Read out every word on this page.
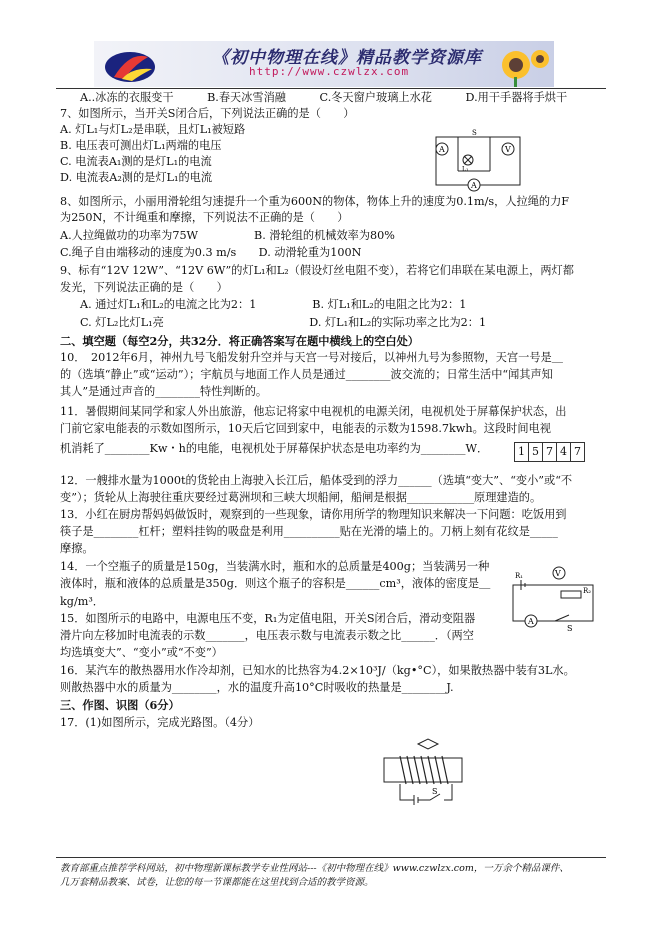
《初中物理在线》精品教学资源库
http://www.czwlzx.com
A..冰冻的衣服变干　　　B.春天冰雪消融　　　C.冬天窗户玻璃上水花　　　D.用干手器将手烘干
7、如图所示，当开关S闭合后，下列说法正确的是（　　）
A. 灯L₁与灯L₂是串联，且灯L₁被短路
B. 电压表可测出灯L₁两端的电压
C. 电流表A₁测的是灯L₁的电流
D. 电流表A₂测的是灯L₁的电流
A	V
A
S
L₁
8、如图所示，小丽用滑轮组匀速提升一个重为600N的物体，物体上升的速度为0.1m/s，人拉绳的力F
为250N，不计绳重和摩擦，下列说法不正确的是（　　）
A.人拉绳做功的功率为75W　　　　　B. 滑轮组的机械效率为80%
C.绳子自由端移动的速度为0.3 m/s　　D. 动滑轮重为100N
9、标有“12V 12W”、“12V 6W”的灯L₁和L₂（假设灯丝电阻不变），若将它们串联在某电源上，两灯都
发光，下列说法正确的是（　　）
A. 通过灯L₁和L₂的电流之比为2：1　　　　　B. 灯L₁和L₂的电阻之比为2：1
C. 灯L₂比灯L₁亮　　　　　　　　　　　　　D. 灯L₁和L₂的实际功率之比为2：1
二、填空题（每空2分，共32分．将正确答案写在题中横线上的空白处）
10．　2012年6月，神州九号飞船发射升空并与天宫一号对接后，以神州九号为参照物，天宫一号是＿
的（选填“静止”或“运动”）；宇航员与地面工作人员是通过________波交流的；日常生活中“闻其声知
其人”是通过声音的________特性判断的。
11．暑假期间某同学和家人外出旅游，他忘记将家中电视机的电源关闭，电视机处于屏幕保护状态，出
门前它家电能表的示数如图所示，10天后它回到家中，电能表的示数为1598.7kwh。这段时间电视
机消耗了________Kw・h的电能，电视机处于屏幕保护状态是电功率约为________W．	1 5 7 4 7
12．一艘排水量为1000t的货轮由上海驶入长江后，船体受到的浮力______（选填“变大”、“变小”或“不
变”）；货轮从上海驶往重庆要经过葛洲坝和三峡大坝船闸，船闸是根据____________原理建造的。
13．小红在厨房帮妈妈做饭时，观察到的一些现象，请你用所学的物理知识来解决一下问题：吃饭用到
筷子是________杠杆；塑料挂钩的吸盘是利用__________贴在光滑的墙上的。刀柄上刻有花纹是_____
摩擦。
14．一个空瓶子的质量是150g，当装满水时，瓶和水的总质量是400g；当装满另一种
液体时，瓶和液体的总质量是350g．则这个瓶子的容积是______cm³，液体的密度是＿
kg/m³．
V
A
R₁
R₂
S
15．如图所示的电路中，电源电压不变，R₁为定值电阻，开关S闭合后，滑动变阻器
滑片向左移加时电流表的示数_______，电压表示数与电流表示数之比______．（两空
均选填变大”、“变小”或“不变”）
16．某汽车的散热器用水作冷却剂，已知水的比热容为4.2×10³J/（kg•°C），如果散热器中装有3L水。
则散热器中水的质量为________，水的温度升高10°C时吸收的热量是________J.
三、作图、识图（6分）
17．(1)如图所示，完成光路图。（4分）
S
教育部重点推荐学科网站，初中物理新课标教学专业性网站---《初中物理在线》www.czwlzx.com，一万余个精品课件、
几万套精品教案、试卷，让您的每一节课都能在这里找到合适的教学资源。
